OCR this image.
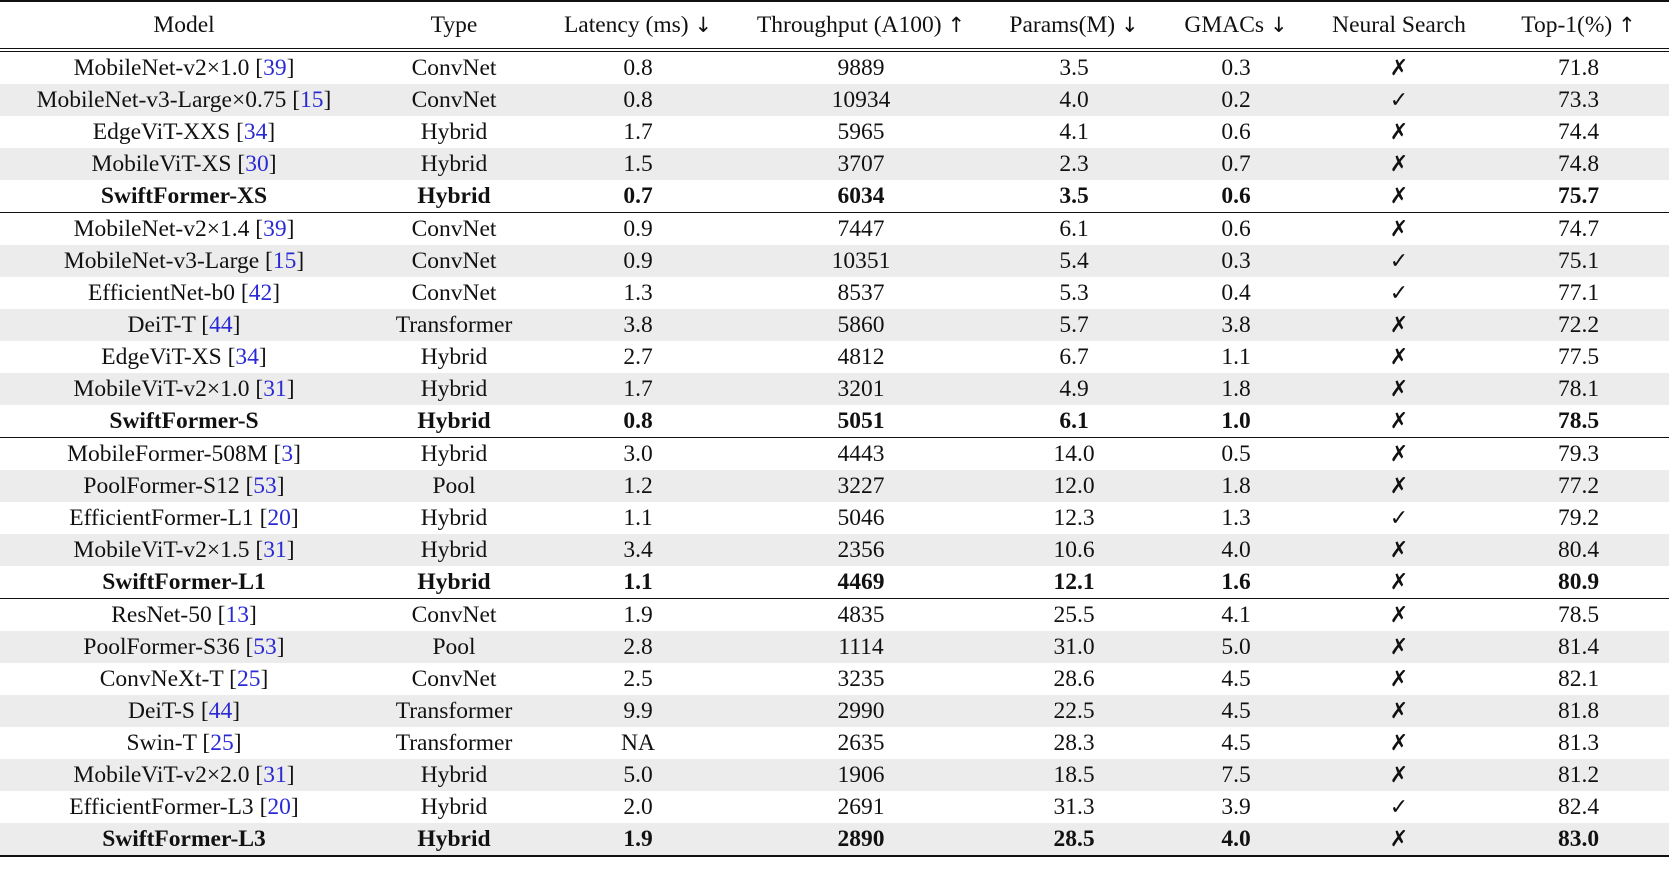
Model	Type	Latency (ms) ↓	Throughput (A100) ↑	Params(M) ↓	GMACs ↓	Neural Search	Top-1(%) ↑
MobileNet-v2×1.0 [39]	ConvNet	0.8	9889	3.5	0.3	✗	71.8
MobileNet-v3-Large×0.75 [15]	ConvNet	0.8	10934	4.0	0.2	✓	73.3
EdgeViT-XXS [34]	Hybrid	1.7	5965	4.1	0.6	✗	74.4
MobileViT-XS [30]	Hybrid	1.5	3707	2.3	0.7	✗	74.8
SwiftFormer-XS	Hybrid	0.7	6034	3.5	0.6	✗	75.7
MobileNet-v2×1.4 [39]	ConvNet	0.9	7447	6.1	0.6	✗	74.7
MobileNet-v3-Large [15]	ConvNet	0.9	10351	5.4	0.3	✓	75.1
EfficientNet-b0 [42]	ConvNet	1.3	8537	5.3	0.4	✓	77.1
DeiT-T [44]	Transformer	3.8	5860	5.7	3.8	✗	72.2
EdgeViT-XS [34]	Hybrid	2.7	4812	6.7	1.1	✗	77.5
MobileViT-v2×1.0 [31]	Hybrid	1.7	3201	4.9	1.8	✗	78.1
SwiftFormer-S	Hybrid	0.8	5051	6.1	1.0	✗	78.5
MobileFormer-508M [3]	Hybrid	3.0	4443	14.0	0.5	✗	79.3
PoolFormer-S12 [53]	Pool	1.2	3227	12.0	1.8	✗	77.2
EfficientFormer-L1 [20]	Hybrid	1.1	5046	12.3	1.3	✓	79.2
MobileViT-v2×1.5 [31]	Hybrid	3.4	2356	10.6	4.0	✗	80.4
SwiftFormer-L1	Hybrid	1.1	4469	12.1	1.6	✗	80.9
ResNet-50 [13]	ConvNet	1.9	4835	25.5	4.1	✗	78.5
PoolFormer-S36 [53]	Pool	2.8	1114	31.0	5.0	✗	81.4
ConvNeXt-T [25]	ConvNet	2.5	3235	28.6	4.5	✗	82.1
DeiT-S [44]	Transformer	9.9	2990	22.5	4.5	✗	81.8
Swin-T [25]	Transformer	NA	2635	28.3	4.5	✗	81.3
MobileViT-v2×2.0 [31]	Hybrid	5.0	1906	18.5	7.5	✗	81.2
EfficientFormer-L3 [20]	Hybrid	2.0	2691	31.3	3.9	✓	82.4
SwiftFormer-L3	Hybrid	1.9	2890	28.5	4.0	✗	83.0
